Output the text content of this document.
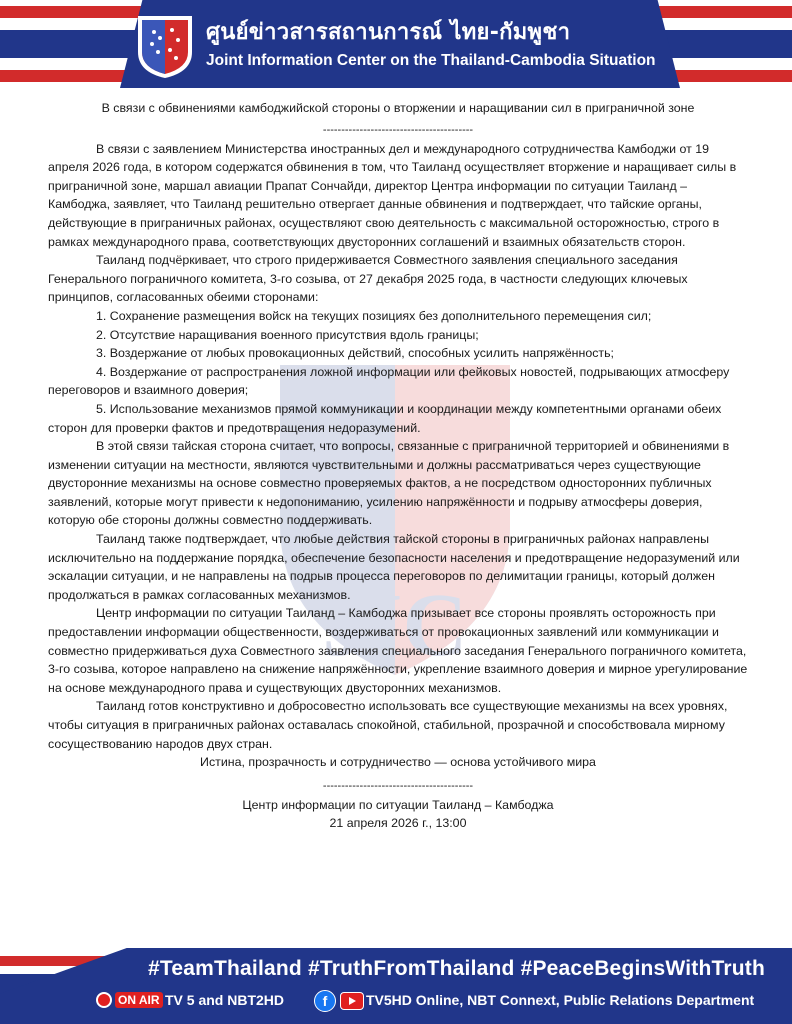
ศูนย์ข่าวสารสถานการณ์ ไทย-กัมพูชา
Joint Information Center on the Thailand-Cambodia Situation
JIC

В связи с обвинениями камбоджийской стороны о вторжении и наращивании сил в приграничной зоне

-----------------------------------------

В связи с заявлением Министерства иностранных дел и международного сотрудничества Камбоджи от 19 апреля 2026 года, в котором содержатся обвинения в том, что Таиланд осуществляет вторжение и наращивает силы в приграничной зоне, маршал авиации Прапат Сончайди, директор Центра информации по ситуации Таиланд – Камбоджа, заявляет, что Таиланд решительно отвергает данные обвинения и подтверждает, что тайские органы, действующие в приграничных районах, осуществляют свою деятельность с максимальной осторожностью, строго в рамках международного права, соответствующих двусторонних соглашений и взаимных обязательств сторон.

Таиланд подчёркивает, что строго придерживается Совместного заявления специального заседания Генерального пограничного комитета, 3-го созыва, от 27 декабря 2025 года, в частности следующих ключевых принципов, согласованных обеими сторонами:

1. Сохранение размещения войск на текущих позициях без дополнительного перемещения сил;

2. Отсутствие наращивания военного присутствия вдоль границы;

3. Воздержание от любых провокационных действий, способных усилить напряжённость;

4. Воздержание от распространения ложной информации или фейковых новостей, подрывающих атмосферу переговоров и взаимного доверия;

5. Использование механизмов прямой коммуникации и координации между компетентными органами обеих сторон для проверки фактов и предотвращения недоразумений.

В этой связи тайская сторона считает, что вопросы, связанные с приграничной территорией и обвинениями в изменении ситуации на местности, являются чувствительными и должны рассматриваться через существующие двусторонние механизмы на основе совместно проверяемых фактов, а не посредством односторонних публичных заявлений, которые могут привести к недопониманию, усилению напряжённости и подрыву атмосферы доверия, которую обе стороны должны совместно поддерживать.

Таиланд также подтверждает, что любые действия тайской стороны в приграничных районах направлены исключительно на поддержание порядка, обеспечение безопасности населения и предотвращение недоразумений или эскалации ситуации, и не направлены на подрыв процесса переговоров по делимитации границы, который должен продолжаться в рамках согласованных механизмов.

Центр информации по ситуации Таиланд – Камбоджа призывает все стороны проявлять осторожность при предоставлении информации общественности, воздерживаться от провокационных заявлений или коммуникации и совместно придерживаться духа Совместного заявления специального заседания Генерального пограничного комитета, 3-го созыва, которое направлено на снижение напряжённости, укрепление взаимного доверия и мирное урегулирование на основе международного права и существующих двусторонних механизмов.

Таиланд готов конструктивно и добросовестно использовать все существующие механизмы на всех уровнях, чтобы ситуация в приграничных районах оставалась спокойной, стабильной, прозрачной и способствовала мирному сосуществованию народов двух стран.

Истина, прозрачность и сотрудничество — основа устойчивого мира

-----------------------------------------

Центр информации по ситуации Таиланд – Камбоджа

21 апреля 2026 г., 13:00

#TeamThailand #TruthFromThailand #PeaceBeginsWithTruth
ON AIR TV 5 and NBT2HD	f	TV5HD Online, NBT Connext, Public Relations Department
